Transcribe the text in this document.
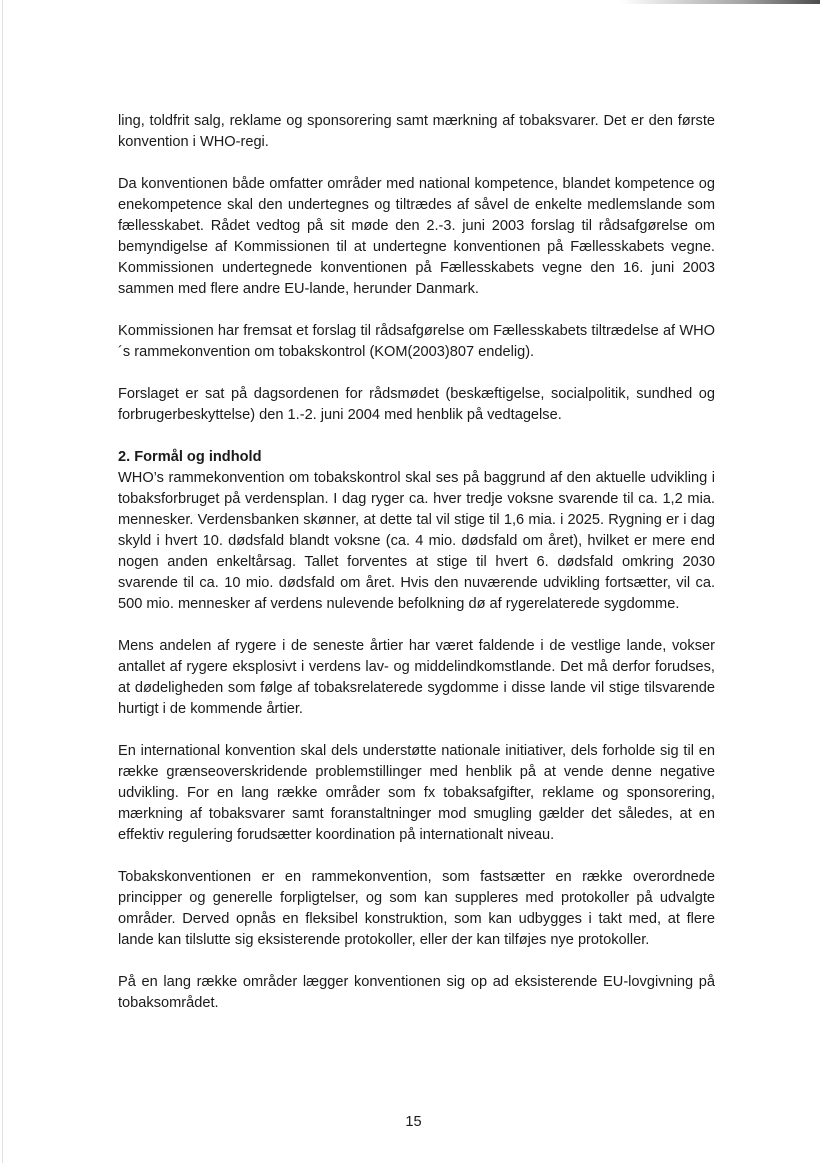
ling, toldfrit salg, reklame og sponsorering samt mærkning af tobaksvarer. Det er den første konvention i WHO-regi.

Da konventionen både omfatter områder med national kompetence, blandet kompetence og enekompetence skal den undertegnes og tiltrædes af såvel de enkelte medlemslande som fællesskabet. Rådet vedtog på sit møde den 2.-3. juni 2003 forslag til rådsafgørelse om bemyndigelse af Kommissionen til at undertegne konventionen på Fællesskabets vegne. Kommissionen undertegnede konventionen på Fællesskabets vegne den 16. juni 2003 sammen med flere andre EU-lande, herunder Danmark.

Kommissionen har fremsat et forslag til rådsafgørelse om Fællesskabets tiltrædelse af WHO´s rammekonvention om tobakskontrol (KOM(2003)807 endelig).

Forslaget er sat på dagsordenen for rådsmødet (beskæftigelse, socialpolitik, sundhed og forbrugerbeskyttelse) den 1.-2. juni 2004 med henblik på vedtagelse.

2. Formål og indhold

WHO’s rammekonvention om tobakskontrol skal ses på baggrund af den aktuelle udvikling i tobaksforbruget på verdensplan. I dag ryger ca. hver tredje voksne svarende til ca. 1,2 mia. mennesker. Verdensbanken skønner, at dette tal vil stige til 1,6 mia. i 2025. Rygning er i dag skyld i hvert 10. dødsfald blandt voksne (ca. 4 mio. dødsfald om året), hvilket er mere end nogen anden enkeltårsag. Tallet forventes at stige til hvert 6. dødsfald omkring 2030 svarende til ca. 10 mio. dødsfald om året. Hvis den nuværende udvikling fortsætter, vil ca. 500 mio. mennesker af verdens nulevende befolkning dø af rygerelaterede sygdomme.

Mens andelen af rygere i de seneste årtier har været faldende i de vestlige lande, vokser antallet af rygere eksplosivt i verdens lav- og middelindkomstlande. Det må derfor forudses, at dødeligheden som følge af tobaksrelaterede sygdomme i disse lande vil stige tilsvarende hurtigt i de kommende årtier.

En international konvention skal dels understøtte nationale initiativer, dels forholde sig til en række grænseoverskridende problemstillinger med henblik på at vende denne negative udvikling. For en lang række områder som fx tobaksafgifter, reklame og sponsorering, mærkning af tobaksvarer samt foranstaltninger mod smugling gælder det således, at en effektiv regulering forudsætter koordination på internationalt niveau.

Tobakskonventionen er en rammekonvention, som fastsætter en række overordnede principper og generelle forpligtelser, og som kan suppleres med protokoller på udvalgte områder. Derved opnås en fleksibel konstruktion, som kan udbygges i takt med, at flere lande kan tilslutte sig eksisterende protokoller, eller der kan tilføjes nye protokoller.

På en lang række områder lægger konventionen sig op ad eksisterende EU-lovgivning på tobaksområdet.

15
